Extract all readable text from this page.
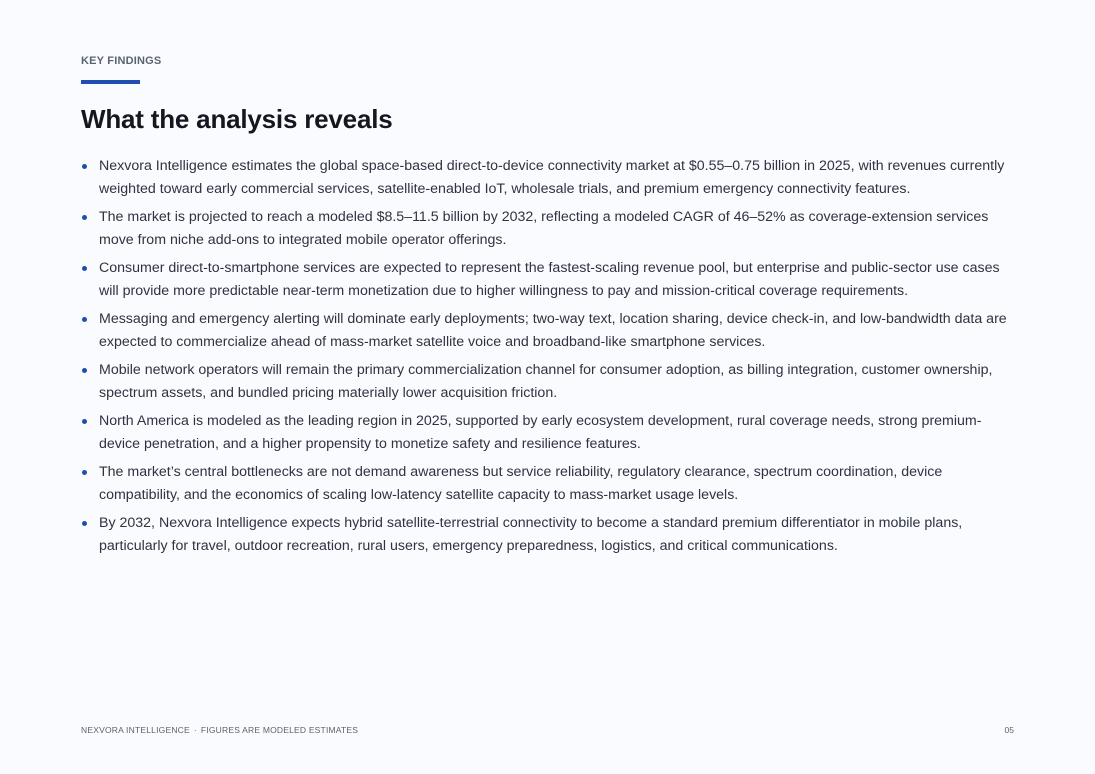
KEY FINDINGS
What the analysis reveals
Nexvora Intelligence estimates the global space-based direct-to-device connectivity market at $0.55–0.75 billion in 2025, with revenues currently weighted toward early commercial services, satellite-enabled IoT, wholesale trials, and premium emergency connectivity features.
The market is projected to reach a modeled $8.5–11.5 billion by 2032, reflecting a modeled CAGR of 46–52% as coverage-extension services move from niche add-ons to integrated mobile operator offerings.
Consumer direct-to-smartphone services are expected to represent the fastest-scaling revenue pool, but enterprise and public-sector use cases will provide more predictable near-term monetization due to higher willingness to pay and mission-critical coverage requirements.
Messaging and emergency alerting will dominate early deployments; two-way text, location sharing, device check-in, and low-bandwidth data are expected to commercialize ahead of mass-market satellite voice and broadband-like smartphone services.
Mobile network operators will remain the primary commercialization channel for consumer adoption, as billing integration, customer ownership, spectrum assets, and bundled pricing materially lower acquisition friction.
North America is modeled as the leading region in 2025, supported by early ecosystem development, rural coverage needs, strong premium-device penetration, and a higher propensity to monetize safety and resilience features.
The market’s central bottlenecks are not demand awareness but service reliability, regulatory clearance, spectrum coordination, device compatibility, and the economics of scaling low-latency satellite capacity to mass-market usage levels.
By 2032, Nexvora Intelligence expects hybrid satellite-terrestrial connectivity to become a standard premium differentiator in mobile plans, particularly for travel, outdoor recreation, rural users, emergency preparedness, logistics, and critical communications.
NEXVORA INTELLIGENCE · FIGURES ARE MODELED ESTIMATES	05
